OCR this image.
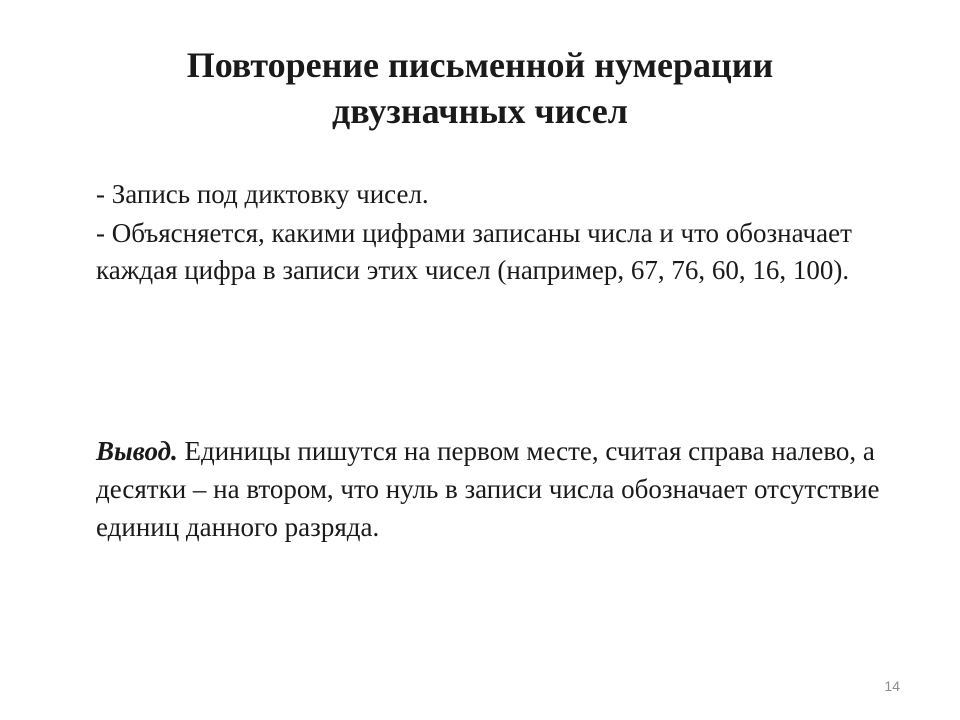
Повторение письменной нумерации
двузначных чисел

- Запись под диктовку чисел.

- Объясняется, какими цифрами записаны числа и что обозначает каждая цифра в записи этих чисел (например, 67, 76, 60, 16, 100).

Вывод. Единицы пишутся на первом месте, считая справа налево, а десятки – на втором, что нуль в записи числа обозначает отсутствие единиц данного разряда.

14
